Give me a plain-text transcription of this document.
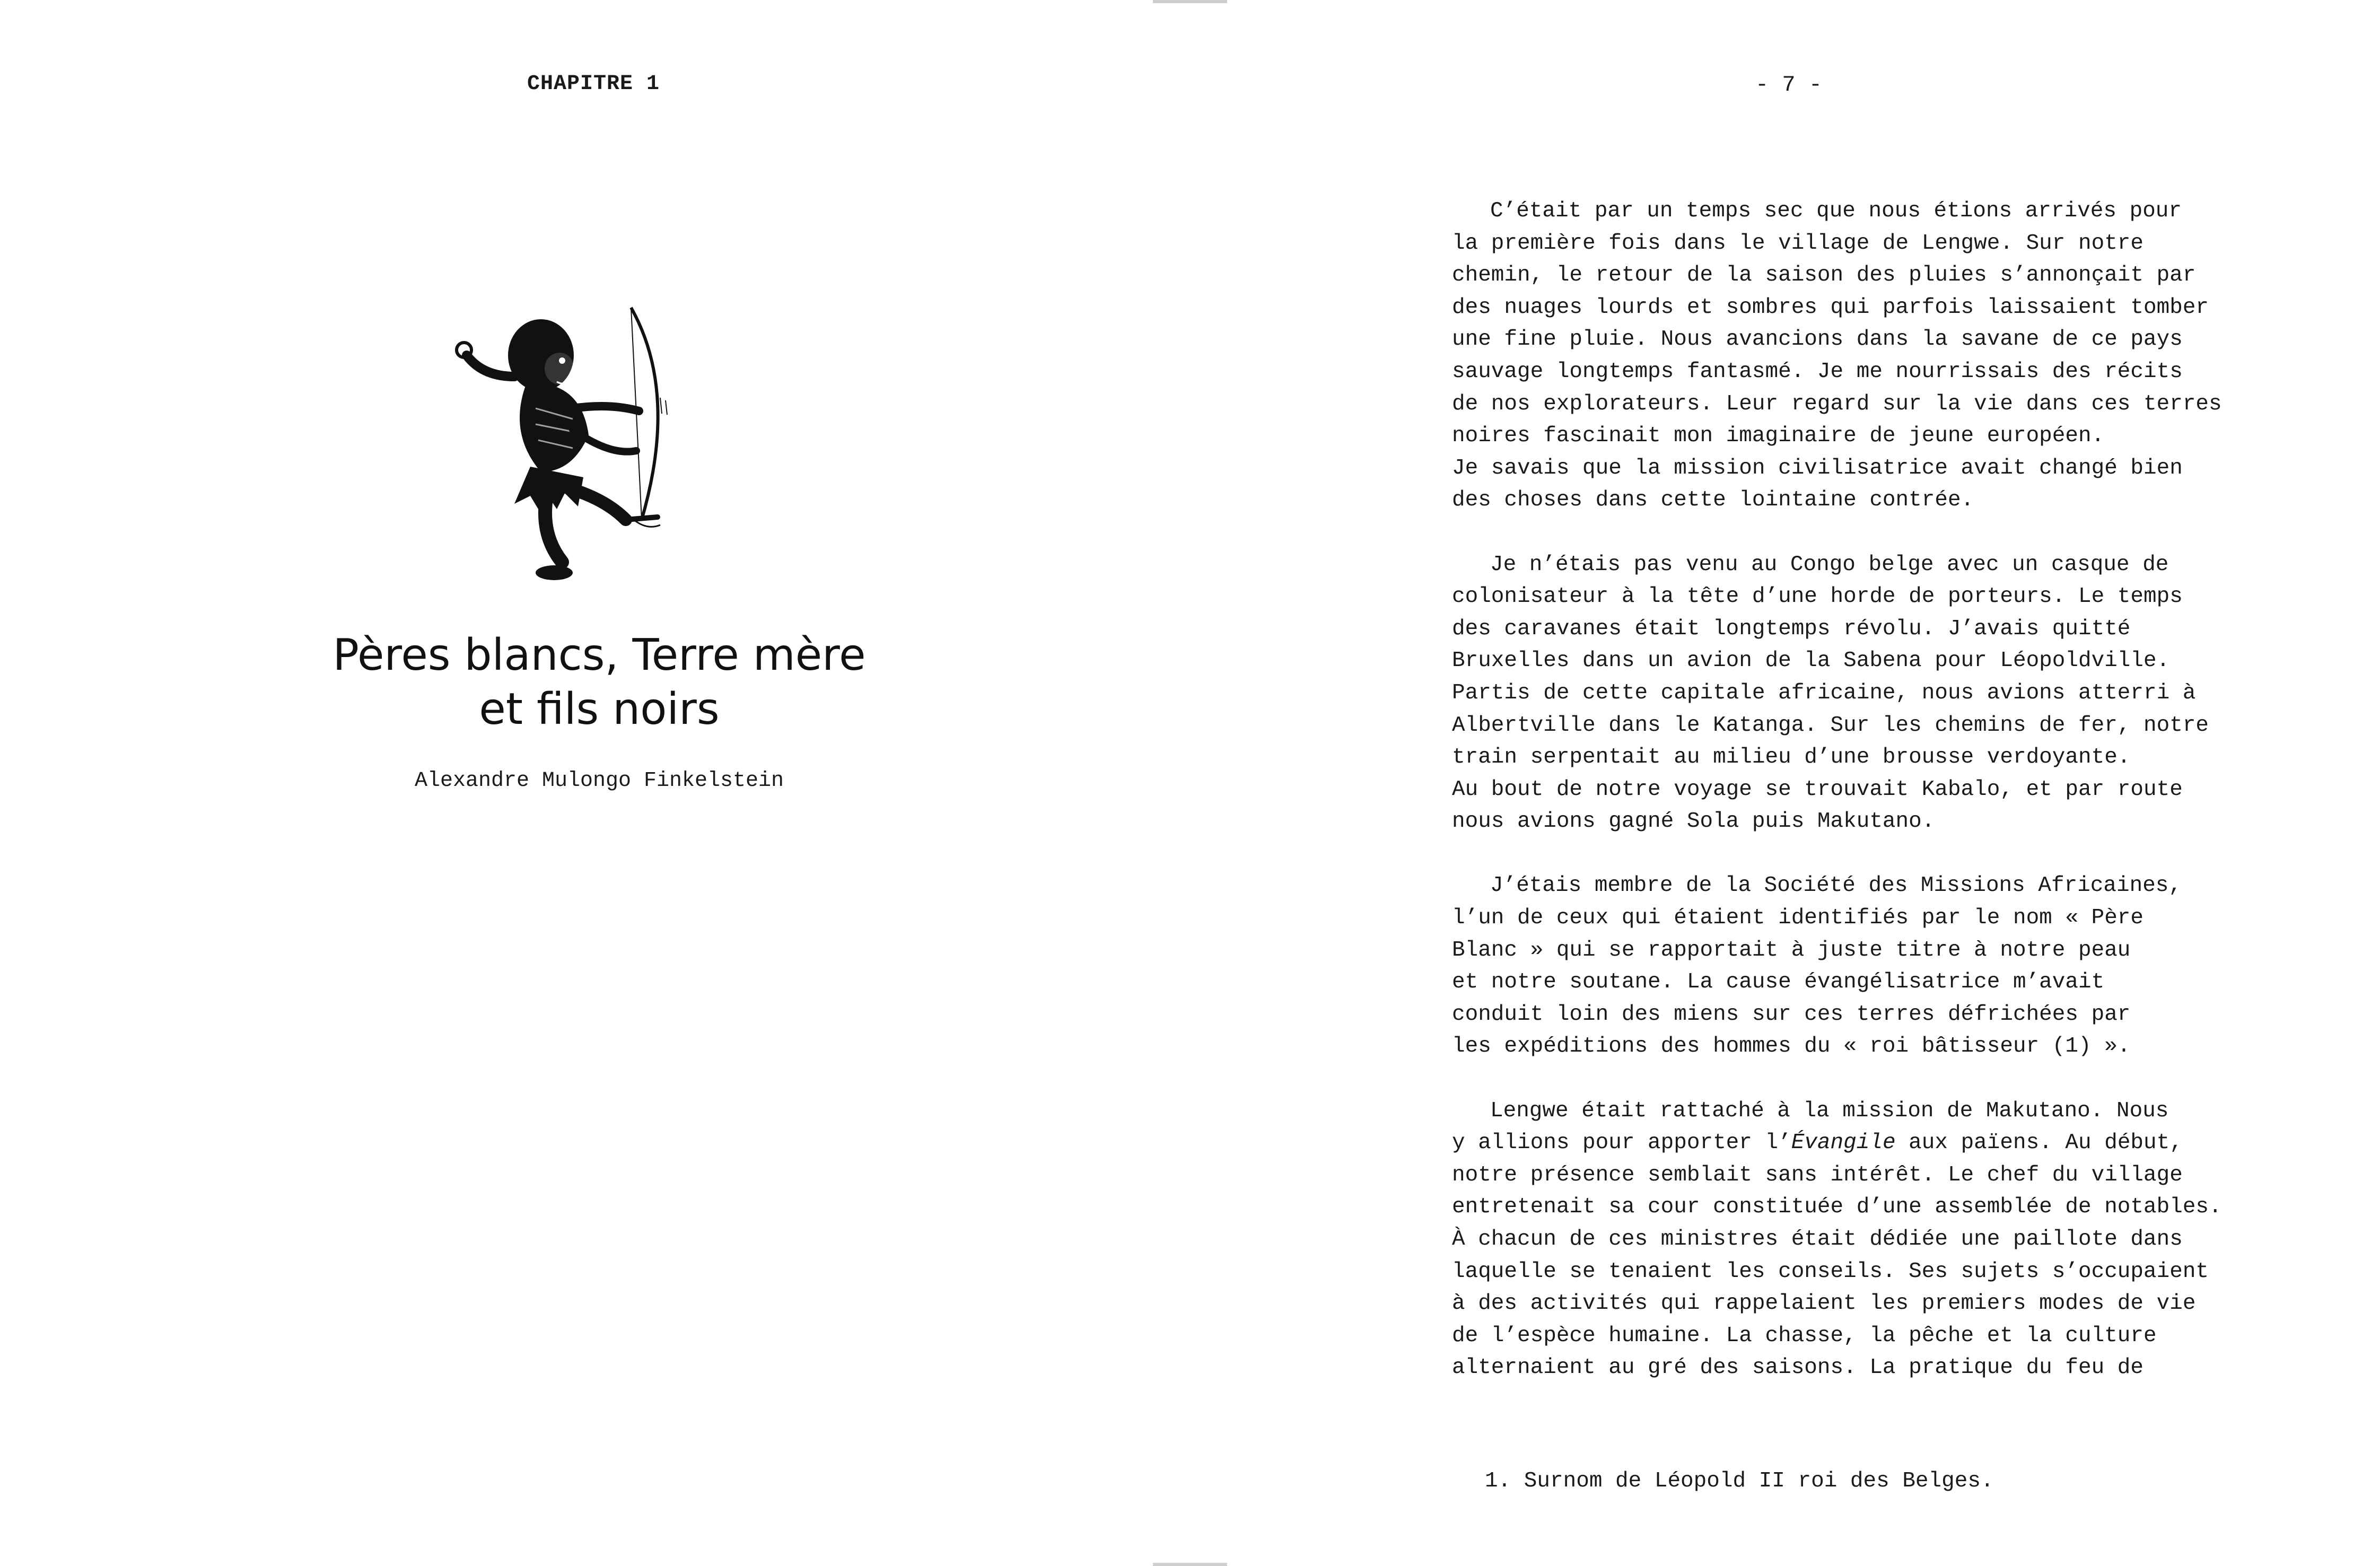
CHAPITRE 1
Pères blancs, Terre mère
et fils noirs
Alexandre Mulongo Finkelstein
- 7 -
C’était par un temps sec que nous étions arrivés pour
la première fois dans le village de Lengwe. Sur notre
chemin, le retour de la saison des pluies s’annonçait par
des nuages lourds et sombres qui parfois laissaient tomber
une fine pluie. Nous avancions dans la savane de ce pays
sauvage longtemps fantasmé. Je me nourrissais des récits
de nos explorateurs. Leur regard sur la vie dans ces terres
noires fascinait mon imaginaire de jeune européen.
Je savais que la mission civilisatrice avait changé bien
des choses dans cette lointaine contrée.
Je n’étais pas venu au Congo belge avec un casque de
colonisateur à la tête d’une horde de porteurs. Le temps
des caravanes était longtemps révolu. J’avais quitté
Bruxelles dans un avion de la Sabena pour Léopoldville.
Partis de cette capitale africaine, nous avions atterri à
Albertville dans le Katanga. Sur les chemins de fer, notre
train serpentait au milieu d’une brousse verdoyante.
Au bout de notre voyage se trouvait Kabalo, et par route
nous avions gagné Sola puis Makutano.
J’étais membre de la Société des Missions Africaines,
l’un de ceux qui étaient identifiés par le nom « Père
Blanc » qui se rapportait à juste titre à notre peau
et notre soutane. La cause évangélisatrice m’avait
conduit loin des miens sur ces terres défrichées par
les expéditions des hommes du « roi bâtisseur (1) ».
Lengwe était rattaché à la mission de Makutano. Nous
y allions pour apporter l’Évangile aux païens. Au début,
notre présence semblait sans intérêt. Le chef du village
entretenait sa cour constituée d’une assemblée de notables.
À chacun de ces ministres était dédiée une paillote dans
laquelle se tenaient les conseils. Ses sujets s’occupaient
à des activités qui rappelaient les premiers modes de vie
de l’espèce humaine. La chasse, la pêche et la culture
alternaient au gré des saisons. La pratique du feu de
1. Surnom de Léopold II roi des Belges.
